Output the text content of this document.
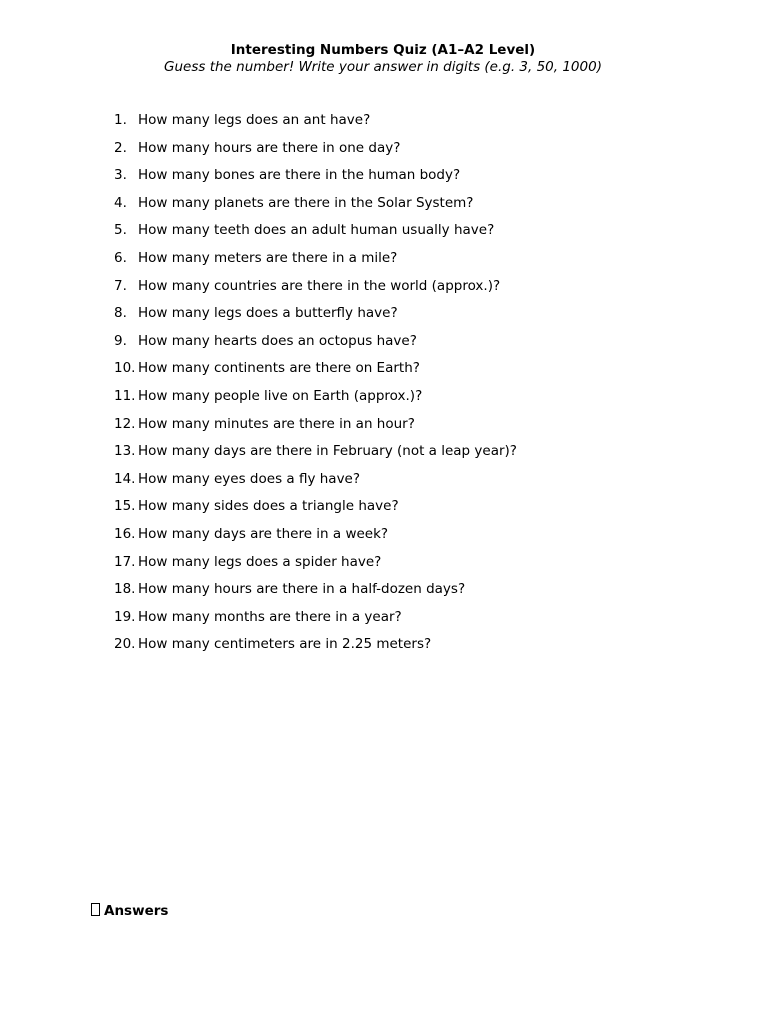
Interesting Numbers Quiz (A1–A2 Level)
Guess the number! Write your answer in digits (e.g. 3, 50, 1000)
1. How many legs does an ant have?
2. How many hours are there in one day?
3. How many bones are there in the human body?
4. How many planets are there in the Solar System?
5. How many teeth does an adult human usually have?
6. How many meters are there in a mile?
7. How many countries are there in the world (approx.)?
8. How many legs does a butterfly have?
9. How many hearts does an octopus have?
10. How many continents are there on Earth?
11. How many people live on Earth (approx.)?
12. How many minutes are there in an hour?
13. How many days are there in February (not a leap year)?
14. How many eyes does a fly have?
15. How many sides does a triangle have?
16. How many days are there in a week?
17. How many legs does a spider have?
18. How many hours are there in a half-dozen days?
19. How many months are there in a year?
20. How many centimeters are in 2.25 meters?
Answers
